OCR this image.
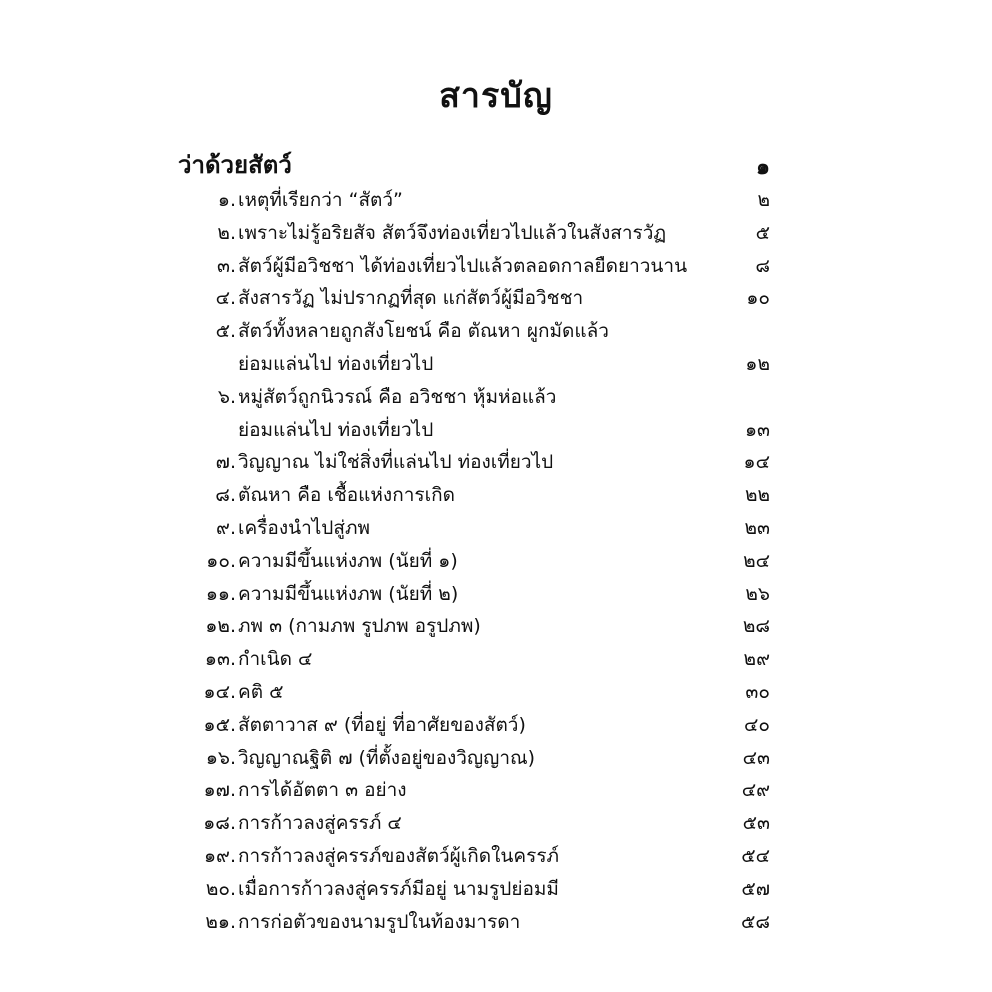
สารบัญ
ว่าด้วยสัตว์	๑
๑. เหตุที่เรียกว่า “สัตว์”	๒
๒. เพราะไม่รู้อริยสัจ สัตว์จึงท่องเที่ยวไปแล้วในสังสารวัฏ	๕
๓. สัตว์ผู้มีอวิชชา ได้ท่องเที่ยวไปแล้วตลอดกาลยืดยาวนาน	๘
๔. สังสารวัฏ ไม่ปรากฏที่สุด แก่สัตว์ผู้มีอวิชชา	๑๐
๕. สัตว์ทั้งหลายถูกสังโยชน์ คือ ตัณหา ผูกมัดแล้ว
ย่อมแล่นไป ท่องเที่ยวไป	๑๒
๖. หมู่สัตว์ถูกนิวรณ์ คือ อวิชชา หุ้มห่อแล้ว
ย่อมแล่นไป ท่องเที่ยวไป	๑๓
๗. วิญญาณ ไม่ใช่สิ่งที่แล่นไป ท่องเที่ยวไป	๑๔
๘. ตัณหา คือ เชื้อแห่งการเกิด	๒๒
๙. เครื่องนำไปสู่ภพ	๒๓
๑๐. ความมีขึ้นแห่งภพ (นัยที่ ๑)	๒๔
๑๑. ความมีขึ้นแห่งภพ (นัยที่ ๒)	๒๖
๑๒. ภพ ๓ (กามภพ รูปภพ อรูปภพ)	๒๘
๑๓. กำเนิด ๔	๒๙
๑๔. คติ ๕	๓๐
๑๕. สัตตาวาส ๙ (ที่อยู่ ที่อาศัยของสัตว์)	๔๐
๑๖. วิญญาณฐิติ ๗ (ที่ตั้งอยู่ของวิญญาณ)	๔๓
๑๗. การได้อัตตา ๓ อย่าง	๔๙
๑๘. การก้าวลงสู่ครรภ์ ๔	๕๓
๑๙. การก้าวลงสู่ครรภ์ของสัตว์ผู้เกิดในครรภ์	๕๔
๒๐. เมื่อการก้าวลงสู่ครรภ์มีอยู่ นามรูปย่อมมี	๕๗
๒๑. การก่อตัวของนามรูปในท้องมารดา	๕๘
